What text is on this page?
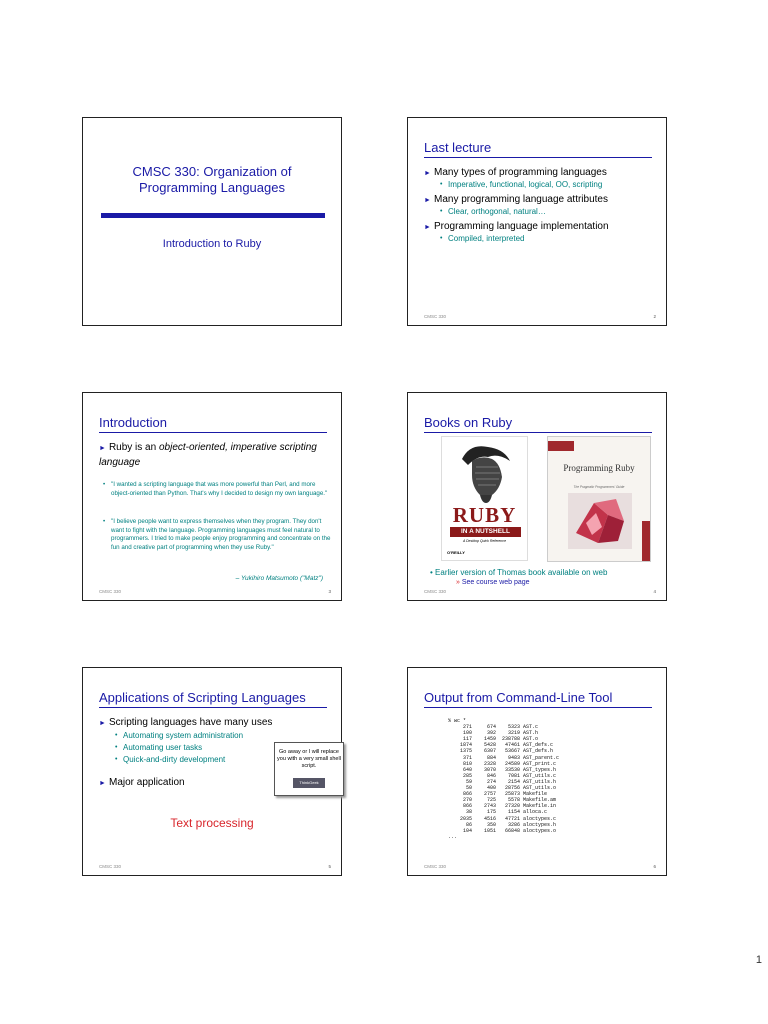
CMSC 330: Organization of
Programming Languages
Introduction to Ruby
Last lecture
► Many types of programming languages
• Imperative, functional, logical, OO, scripting
► Many programming language attributes
• Clear, orthogonal, natural…
► Programming language implementation
• Compiled, interpreted
CMSC 330	2
Introduction
► Ruby is an object-oriented, imperative scripting language
• "I wanted a scripting language that was more powerful than Perl, and more object-oriented than Python. That's why I decided to design my own language."
• "I believe people want to express themselves when they program. They don't want to fight with the language. Programming languages must feel natural to programmers. I tried to make people enjoy programming and concentrate on the fun and creative part of programming when they use Ruby."
– Yukihiro Matsumoto ("Matz")
CMSC 330	3
Books on Ruby
RUBY
IN A NUTSHELL
A Desktop Quick Reference
O'REILLY
Programming Ruby
The Pragmatic Programmers' Guide
• Earlier version of Thomas book available on web
» See course web page
CMSC 330	4
Applications of Scripting Languages
► Scripting languages have many uses
• Automating system administration
• Automating user tasks
• Quick-and-dirty development
► Major application
Go away or I will replace you with a very small shell script.
ThinkGeek
Text processing
CMSC 330	5
Output from Command-Line Tool
% wc *
271     674    5323 AST.c
100     392    3219 AST.h
117    1459  238788 AST.o
1874    5428   47461 AST_defs.c
1375    6307   53667 AST_defs.h
371     884    9483 AST_parent.c
810    2328   24589 AST_print.c
640    3070   33530 AST_types.h
285     846    7081 AST_utils.c
59     274    2154 AST_utils.h
50     400   28756 AST_utils.o
866    2757   25873 Makefile
270     725    5578 Makefile.am
866    2743   27320 Makefile.in
38     175    1154 alloca.c
2035    4516   47721 aloctypes.c
86     350    3286 aloctypes.h
104    1051   66848 aloctypes.o
...
CMSC 330	6
1
